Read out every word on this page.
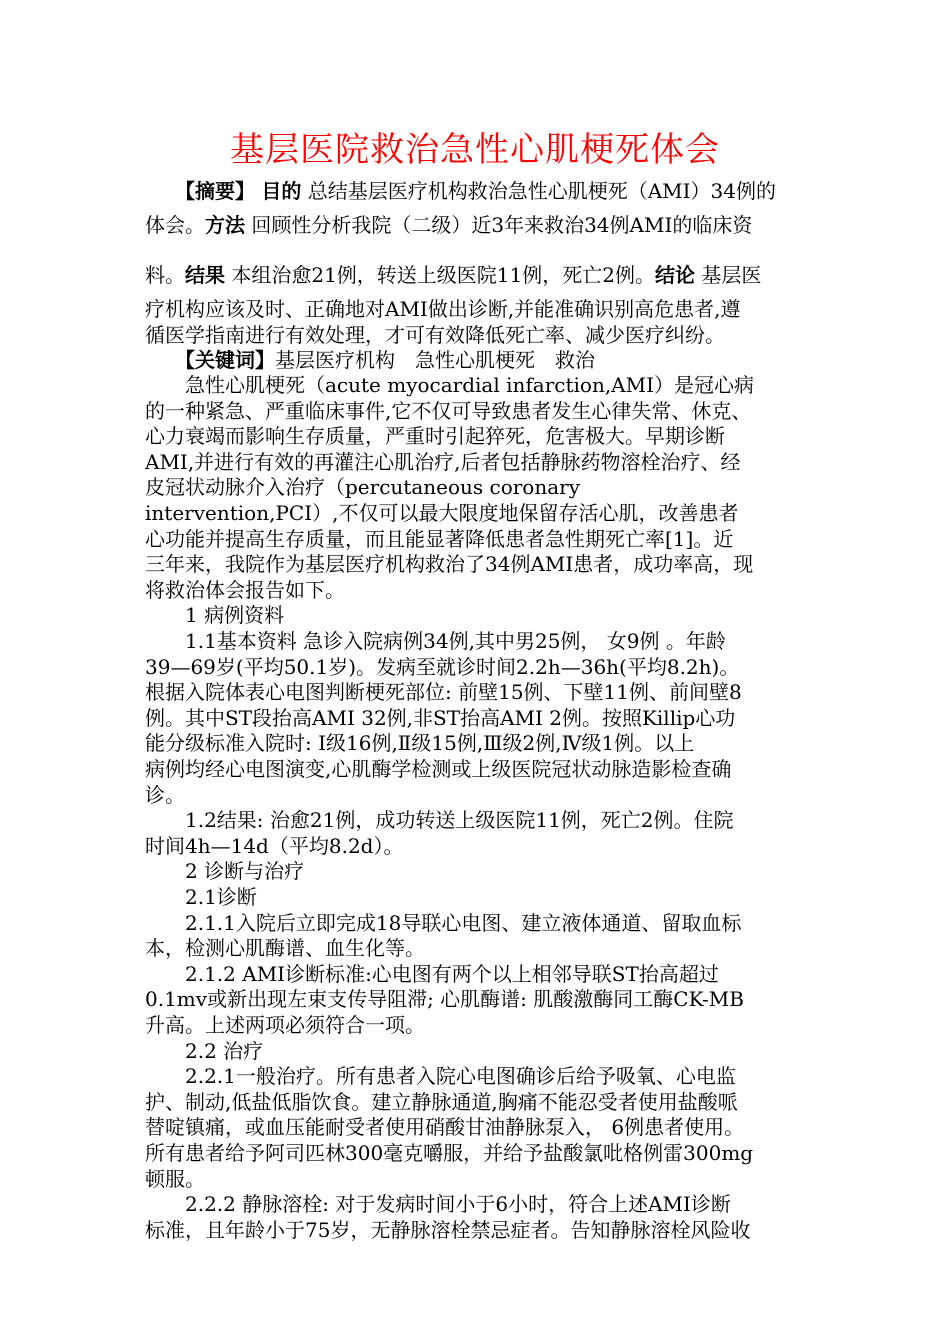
基层医院救治急性心肌梗死体会
【摘要】 目的 总结基层医疗机构救治急性心肌梗死（AMI）34例的
体会。方法 回顾性分析我院（二级）近3年来救治34例AMI的临床资
料。结果 本组治愈21例，转送上级医院11例，死亡2例。结论 基层医
疗机构应该及时、正确地对AMI做出诊断,并能准确识别高危患者,遵
循医学指南进行有效处理，才可有效降低死亡率、减少医疗纠纷。
【关键词】基层医疗机构　急性心肌梗死　救治
　　急性心肌梗死（acute myocardial infarction,AMI）是冠心病
的一种紧急、严重临床事件,它不仅可导致患者发生心律失常、休克、
心力衰竭而影响生存质量，严重时引起猝死，危害极大。早期诊断
AMI,并进行有效的再灌注心肌治疗,后者包括静脉药物溶栓治疗、经
皮冠状动脉介入治疗（percutaneous coronary
intervention,PCI）,不仅可以最大限度地保留存活心肌，改善患者
心功能并提高生存质量，而且能显著降低患者急性期死亡率[1]。近
三年来，我院作为基层医疗机构救治了34例AMI患者，成功率高，现
将救治体会报告如下。
　　1 病例资料
　　1.1基本资料 急诊入院病例34例,其中男25例， 女9例 。年龄
39—69岁(平均50.1岁)。发病至就诊时间2.2h—36h(平均8.2h)。
根据入院体表心电图判断梗死部位: 前壁15例、下壁11例、前间壁8
例。其中ST段抬高AMI 32例,非ST抬高AMI 2例。按照Killip心功
能分级标准入院时: Ⅰ级16例,Ⅱ级15例,Ⅲ级2例,Ⅳ级1例。以上
病例均经心电图演变,心肌酶学检测或上级医院冠状动脉造影检查确
诊。
　　1.2结果: 治愈21例，成功转送上级医院11例，死亡2例。住院
时间4h—14d（平均8.2d）。
　　2 诊断与治疗
　　2.1诊断
　　2.1.1入院后立即完成18导联心电图、建立液体通道、留取血标
本，检测心肌酶谱、血生化等。
　　2.1.2 AMI诊断标准:心电图有两个以上相邻导联ST抬高超过
0.1mv或新出现左束支传导阻滞; 心肌酶谱: 肌酸激酶同工酶CK-MB
升高。上述两项必须符合一项。
　　2.2 治疗
　　2.2.1一般治疗。所有患者入院心电图确诊后给予吸氧、心电监
护、制动,低盐低脂饮食。建立静脉通道,胸痛不能忍受者使用盐酸哌
替啶镇痛，或血压能耐受者使用硝酸甘油静脉泵入， 6例患者使用。
所有患者给予阿司匹林300毫克嚼服，并给予盐酸氯吡格例雷300mg
顿服。
　　2.2.2 静脉溶栓: 对于发病时间小于6小时，符合上述AMI诊断
标准，且年龄小于75岁，无静脉溶栓禁忌症者。告知静脉溶栓风险收
